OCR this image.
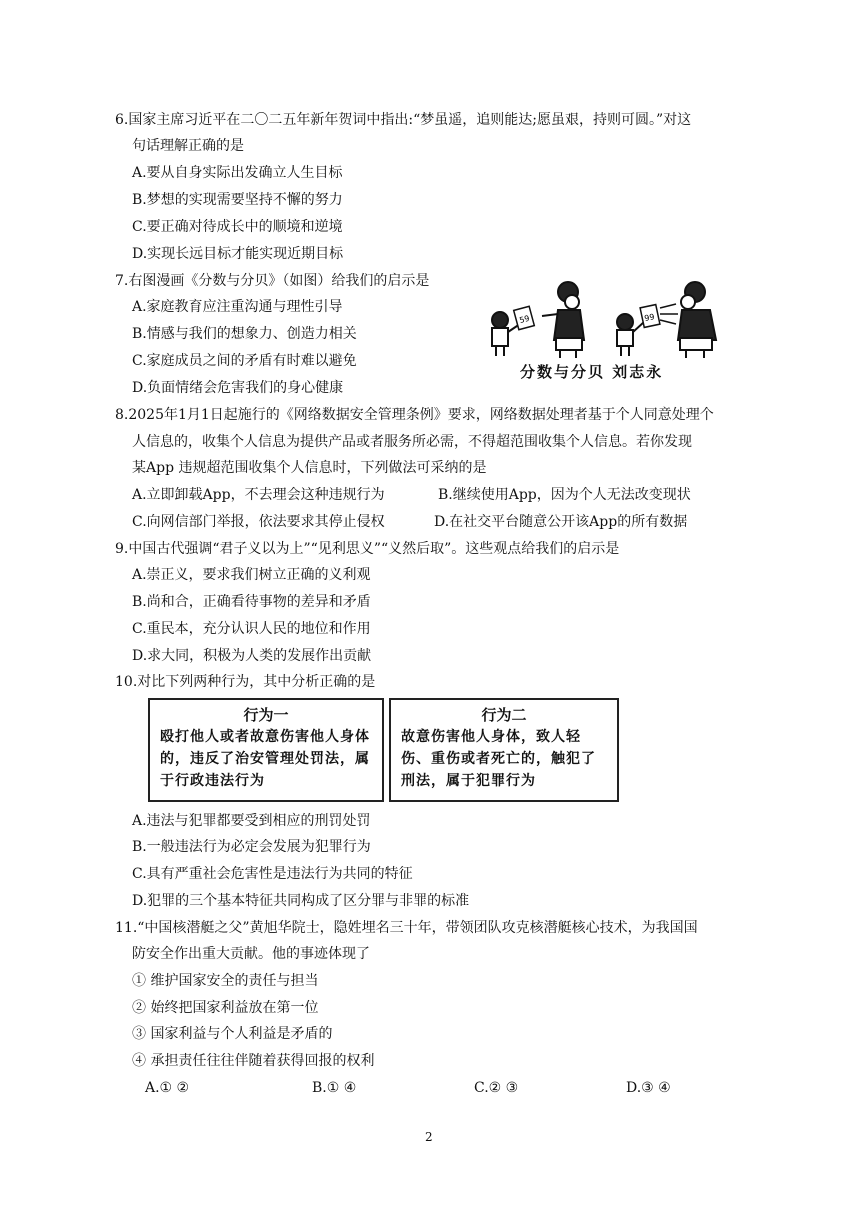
6.国家主席习近平在二〇二五年新年贺词中指出:“梦虽遥，追则能达;愿虽艰，持则可圆。”对这
句话理解正确的是
A.要从自身实际出发确立人生目标
B.梦想的实现需要坚持不懈的努力
C.要正确对待成长中的顺境和逆境
D.实现长远目标才能实现近期目标
7.右图漫画《分数与分贝》（如图）给我们的启示是
A.家庭教育应注重沟通与理性引导
B.情感与我们的想象力、创造力相关
C.家庭成员之间的矛盾有时难以避免
D.负面情绪会危害我们的身心健康
59	99
分数与分贝 刘志永
8.2025年1月1日起施行的《网络数据安全管理条例》要求，网络数据处理者基于个人同意处理个
人信息的，收集个人信息为提供产品或者服务所必需，不得超范围收集个人信息。若你发现
某App 违规超范围收集个人信息时，下列做法可采纳的是
A.立即卸载App，不去理会这种违规行为	B.继续使用App，因为个人无法改变现状
C.向网信部门举报，依法要求其停止侵权	D.在社交平台随意公开该App的所有数据
9.中国古代强调“君子义以为上”“见利思义”“义然后取”。这些观点给我们的启示是
A.崇正义，要求我们树立正确的义利观
B.尚和合，正确看待事物的差异和矛盾
C.重民本，充分认识人民的地位和作用
D.求大同，积极为人类的发展作出贡献
10.对比下列两种行为，其中分析正确的是
行为一
殴打他人或者故意伤害他人身体的，违反了治安管理处罚法，属于行政违法行为
行为二
故意伤害他人身体，致人轻伤、重伤或者死亡的，触犯了刑法，属于犯罪行为
A.违法与犯罪都要受到相应的刑罚处罚
B.一般违法行为必定会发展为犯罪行为
C.具有严重社会危害性是违法行为共同的特征
D.犯罪的三个基本特征共同构成了区分罪与非罪的标准
11.“中国核潜艇之父”黄旭华院士，隐姓埋名三十年，带领团队攻克核潜艇核心技术，为我国国
防安全作出重大贡献。他的事迹体现了
① 维护国家安全的责任与担当
② 始终把国家利益放在第一位
③ 国家利益与个人利益是矛盾的
④ 承担责任往往伴随着获得回报的权利
A.① ②	B.① ④	C.② ③	D.③ ④
2
